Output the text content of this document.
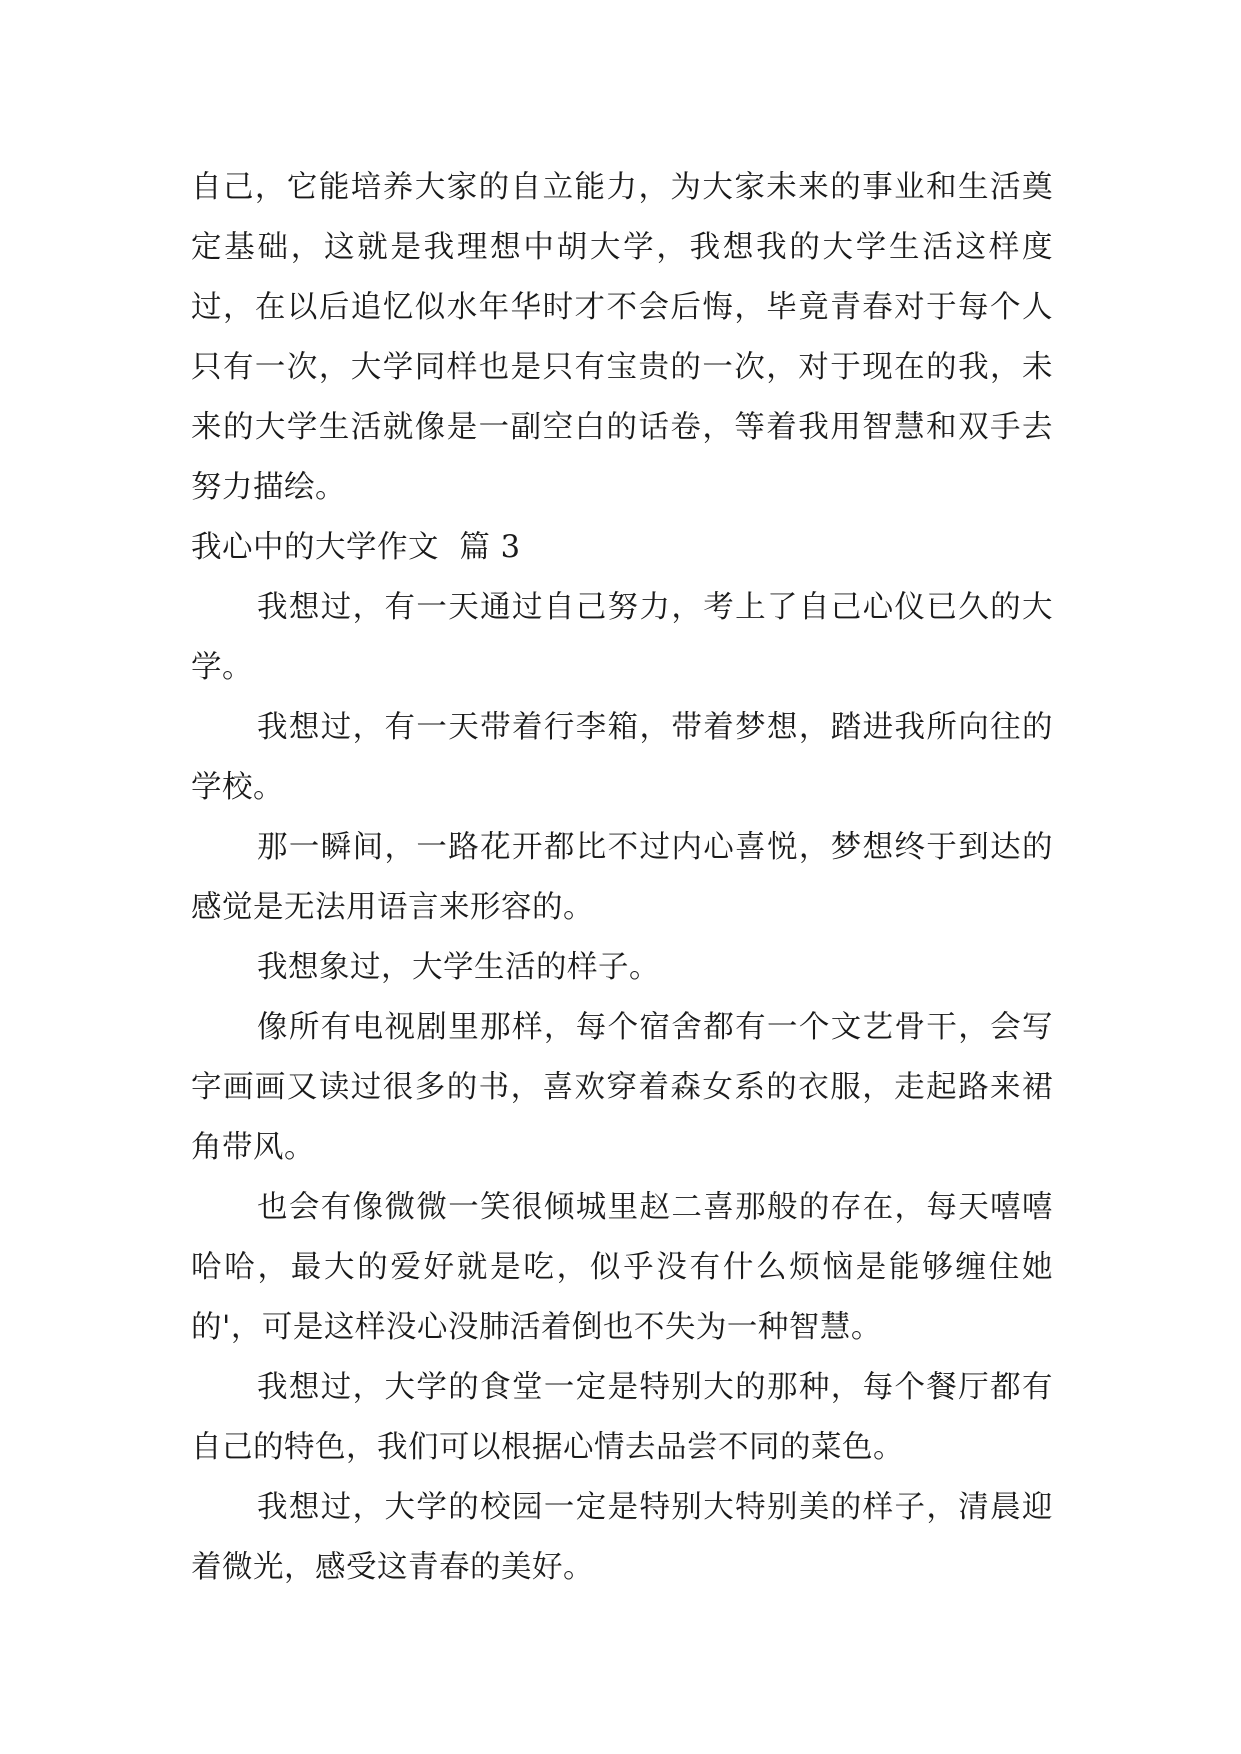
自己，它能培养大家的自立能力，为大家未来的事业和生活奠定基础，这就是我理想中胡大学，我想我的大学生活这样度过，在以后追忆似水年华时才不会后悔，毕竟青春对于每个人只有一次，大学同样也是只有宝贵的一次，对于现在的我，未来的大学生活就像是一副空白的话卷，等着我用智慧和双手去努力描绘。

我心中的大学作文  篇 3

我想过，有一天通过自己努力，考上了自己心仪已久的大学。

我想过，有一天带着行李箱，带着梦想，踏进我所向往的学校。

那一瞬间，一路花开都比不过内心喜悦，梦想终于到达的感觉是无法用语言来形容的。

我想象过，大学生活的样子。

像所有电视剧里那样，每个宿舍都有一个文艺骨干，会写字画画又读过很多的书，喜欢穿着森女系的衣服，走起路来裙角带风。

也会有像微微一笑很倾城里赵二喜那般的存在，每天嘻嘻哈哈，最大的爱好就是吃，似乎没有什么烦恼是能够缠住她的'，可是这样没心没肺活着倒也不失为一种智慧。

我想过，大学的食堂一定是特别大的那种，每个餐厅都有自己的特色，我们可以根据心情去品尝不同的菜色。

我想过，大学的校园一定是特别大特别美的样子，清晨迎着微光，感受这青春的美好。
